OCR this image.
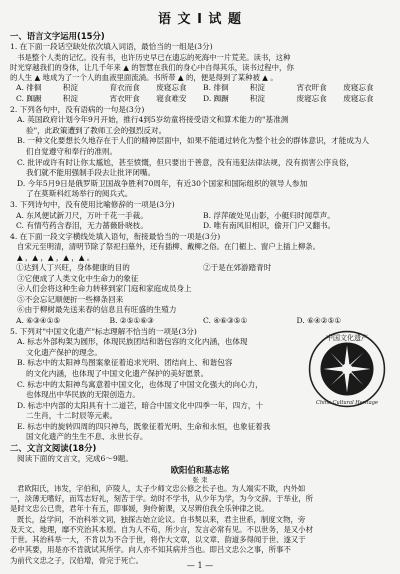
语 文 Ⅰ 试 题
一、语言文字运用(15分)
1. 在下面一段话空缺处依次填入词语，最恰当的一组是(3分)
书是整个人类的记忆。没有书，也许历史早已在遗忘的死海中一片荒芜。读书，这种
时光穿越我们的身体，让几千年来 ▲ 的智慧在我们的身心中自得其乐，读书过程中，你
的人生 ▲ 地成为了一个人的血液里面流淌。书所带 ▲ 的，便是得到了某种被 ▲ 。
A. 徘徊	积淀	育衣而食	废寝忘食	B. 徘徊	积淀	宵衣旰食	废寝忘食
C. 踟蹰	积淀	宵衣旰食	寝食难安	D. 踟蹰	积淀	废寝忘食	废寝忘食
2. 下列各句中，没有语病的一句是(3分)
A. 英国政府计划今年9月开始，推行4到5岁幼童将接受语文和算术能力的"基准测
验"，此政策遭到了教师工会的强烈反对。
B. 一种文化要想长久地存在于人们的精神层面中，如果不能通过转化为整个社会的群体意识，才能成为人
们自觉遵守和奉行的准则。
C. 批评或许有时让你太尴尬，甚至愤慨，但只要出于善意，没有违犯法律法规，没有损害公序良俗，
我们就不能用强制手段去让批评闭嘴。
D. 今年5月9日是俄罗斯卫国战争胜利70周年，有近30个国家和国际组织的领导人参加
了在莫斯科红场举行的阅兵式。
3. 下列诗句中，没有使用比喻修辞的一项是(3分)
A. 东风便试新刀尺，万叶千花一手裁。	B. 浮萍破处见山影，小艇归时闻草声。
C. 有情芍药含春泪，无力蔷薇卧晓枝。	D. 唯有南风旧相识，偷开门户又翻书。
4. 在下面一段文字横线处填入语句，衔接最恰当的一项是(3分)
自宋元至明清，清明节除了祭祀扫墓外，还有插柳、戴柳之俗。在门楣上、窗户上插上柳条。
▲ ，▲ ，▲ ，▲ ，▲ 。
①达到人丁兴旺，身体健康的目的	②于是在郊游踏青时
③它便成了人类文化中生命力的象征
④人们会将这种生命力转移到家门庭和家庭成员身上
⑤不会忘记顺便折一些柳条回来
⑥由于柳树最先送来春的信息且有旺盛的生殖力
A. ⑥③④①⑤	B. ②⑤①⑥③	C. ④⑥③⑤①	D. ⑥④②⑤①
5. 下列对"中国文化遗产"标志理解不恰当的一项是(3分)
A. 标志外部构架为圆形，体现民族团结和谐包容的文化内涵，也体现
文化遗产保护的理念。
B. 标志中的太阳神鸟图案象征着追求光明、团结向上、和谐包容
的文化内涵，也体现了中国文化遗产保护的美好愿景。
C. 标志中的太阳神鸟寓意着中国文化，也体现了中国文化强大的向心力，
也体现出中华民族的无限创造力。
D. 标志中内部的太阳具有十二道芒，暗合中国文化中四季一年，四方，十
二生肖，十二时辰等元素。
E. 标志中的旋转四周的四只神鸟，既象征着光明、生命和永恒，也象征着我
国文化遗产的生生不息、永世长存。
二、文言文阅读(18分)
阅读下面的文言文，完成6～9题。
欧阳伯和墓志铭
张 耒
君欧阳氏，讳发，字伯和，庐陵人，太子少师文忠公修之长子也。为人端实不欺，内外如
一，淡薄无嗜好，而笃志好礼，刻苦于学。幼时不学书，从少年为学，为今文辞。于举业，所
是时文忠公已贵，君年十有五，即事媛，狗伶俯课，又尽辨伯我全乐钟律之说。
既长，益学问，不治科举文词，独探古始立论议。自书契以来，君主世系，制度文物，旁
及天文、地理，靡不究治其本原。自为人不苟，所少言，发言必常有见。不以世务，是又小材
于世。其治科举一大，不肯以为不合于世，将作大文章，以文章、韵道多得闻于世、遂又于
必中其要，用是亦不肯就试其所学。向人亦不知其病并当也。即吕文忠公之事，所事不
为前代文忠之子，汉伯增，骨完于死亡。
中国文化遗产
China Cultural Heritage
— 1 —
